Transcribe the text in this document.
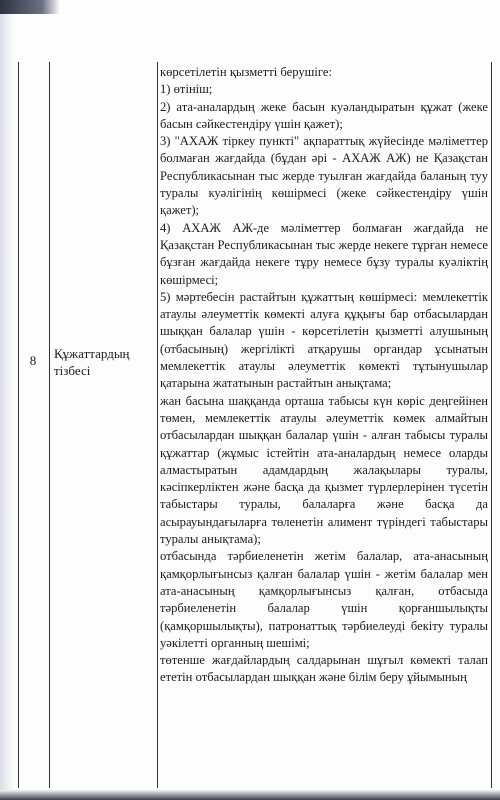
8	Құжаттардың тізбесі

көрсетілетін қызметті берушіге:

1) өтініш;

2) ата-аналардың жеке басын куәландыратын құжат (жеке басын сәйкестендіру үшін қажет);

3) "АХАЖ тіркеу пункті" ақпараттық жүйесінде мәліметтер болмаған жағдайда (бұдан әрі - АХАЖ АЖ) не Қазақстан Республикасынан тыс жерде туылған жағдайда баланың туу туралы куәлігінің көшірмесі (жеке сәйкестендіру үшін қажет);

4) АХАЖ АЖ-де мәліметтер болмаған жағдайда не Қазақстан Республикасынан тыс жерде некеге тұрған немесе бұзған жағдайда некеге тұру немесе бұзу туралы куәліктің көшірмесі;

5) мәртебесін растайтын құжаттың көшірмесі: мемлекеттік атаулы әлеуметтік көмекті алуға құқығы бар отбасылардан шыққан балалар үшін - көрсетілетін қызметті алушының (отбасының) жергілікті атқарушы органдар ұсынатын мемлекеттік атаулы әлеуметтік көмекті тұтынушылар қатарына жататынын растайтын анықтама;

жан басына шаққанда орташа табысы күн көріс деңгейінен төмен, мемлекеттік атаулы әлеуметтік көмек алмайтын отбасылардан шыққан балалар үшін - алған табысы туралы құжаттар (жұмыс істейтін ата-аналардың немесе оларды алмастыратын адамдардың жалақылары туралы, кәсіпкерліктен және басқа да қызмет түрлерлерінен түсетін табыстары туралы, балаларға және басқа да асырауындағыларға төленетін алимент түріндегі табыстары туралы анықтама);

отбасында тәрбиеленетін жетім балалар, ата-анасының қамқорлығынсыз қалған балалар үшін - жетім балалар мен ата-анасының қамқорлығынсыз қалған, отбасыда тәрбиеленетін балалар үшін қорғаншылықты (қамқоршылықты), патронаттық тәрбиелеуді бекіту туралы уәкілетті органның шешімі;

төтенше жағдайлардың салдарынан шұғыл көмекті талап ететін отбасылардан шыққан және білім беру ұйымының
